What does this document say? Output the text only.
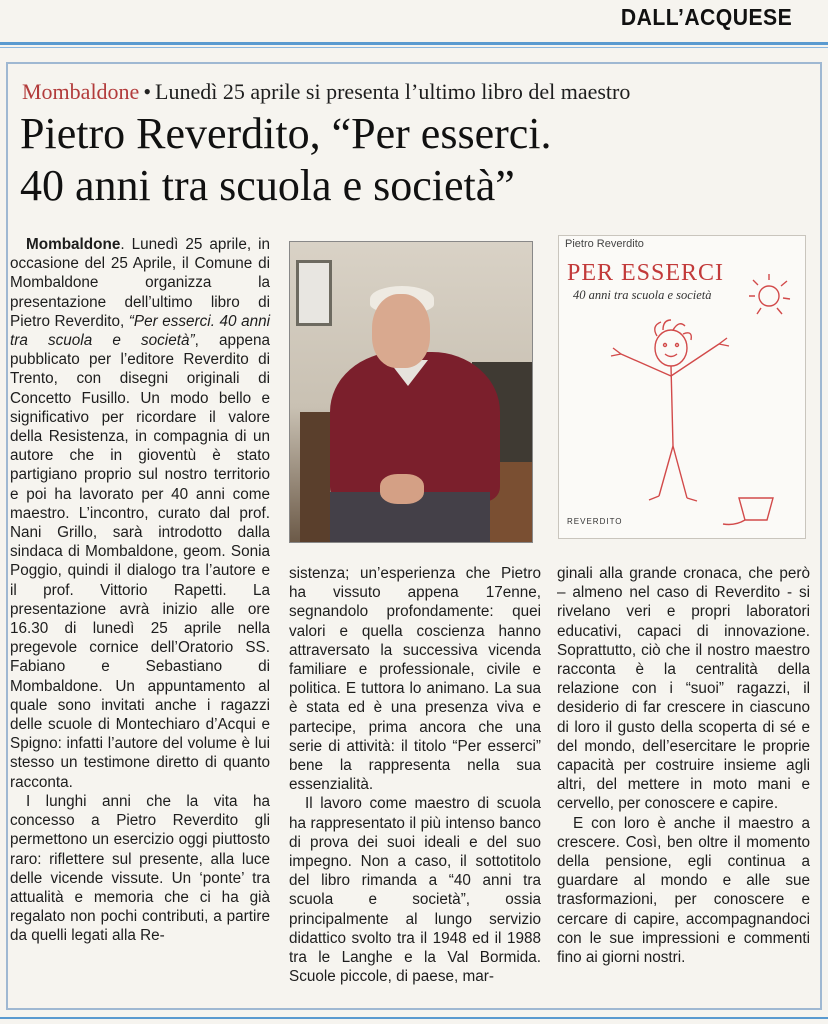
DALL’ACQUESE
Mombaldone • Lunedì 25 aprile si presenta l’ultimo libro del maestro
Pietro Reverdito, “Per esserci.
40 anni tra scuola e società”

Mombaldone. Lunedì 25 aprile, in occasione del 25 Aprile, il Comune di Mombaldone organizza la presentazione dell’ultimo libro di Pietro Reverdito, “Per esserci. 40 anni tra scuola e società”, appena pubblicato per l’editore Reverdito di Trento, con disegni originali di Concetto Fusillo. Un modo bello e significativo per ricordare il valore della Resistenza, in compagnia di un autore che in gioventù è stato partigiano proprio sul nostro territorio e poi ha lavorato per 40 anni come maestro. L’incontro, curato dal prof. Nani Grillo, sarà introdotto dalla sindaca di Mombaldone, geom. Sonia Poggio, quindi il dialogo tra l’autore e il prof. Vittorio Rapetti. La presentazione avrà inizio alle ore 16.30 di lunedì 25 aprile nella pregevole cornice dell’Oratorio SS. Fabiano e Sebastiano di Mombaldone. Un appuntamento al quale sono invitati anche i ragazzi delle scuole di Montechiaro d’Acqui e Spigno: infatti l’autore del volume è lui stesso un testimone diretto di quanto racconta.

I lunghi anni che la vita ha concesso a Pietro Reverdito gli permettono un esercizio oggi piuttosto raro: riflettere sul presente, alla luce delle vicende vissute. Un ‘ponte’ tra attualità e memoria che ci ha già regalato non pochi contributi, a partire da quelli legati alla Re-

Pietro Reverdito
PER ESSERCI
40 anni tra scuola e società
REVERDITO

sistenza; un’esperienza che Pietro ha vissuto appena 17enne, segnandolo profondamente: quei valori e quella coscienza hanno attraversato la successiva vicenda familiare e professionale, civile e politica. E tuttora lo animano. La sua è stata ed è una presenza viva e partecipe, prima ancora che una serie di attività: il titolo “Per esserci” bene la rappresenta nella sua essenzialità.

Il lavoro come maestro di scuola ha rappresentato il più intenso banco di prova dei suoi ideali e del suo impegno. Non a caso, il sottotitolo del libro rimanda a “40 anni tra scuola e società”, ossia principalmente al lungo servizio didattico svolto tra il 1948 ed il 1988 tra le Langhe e la Val Bormida. Scuole piccole, di paese, mar-

ginali alla grande cronaca, che però – almeno nel caso di Reverdito - si rivelano veri e propri laboratori educativi, capaci di innovazione. Soprattutto, ciò che il nostro maestro racconta è la centralità della relazione con i “suoi” ragazzi, il desiderio di far crescere in ciascuno di loro il gusto della scoperta di sé e del mondo, dell’esercitare le proprie capacità per costruire insieme agli altri, del mettere in moto mani e cervello, per conoscere e capire.

E con loro è anche il maestro a crescere. Così, ben oltre il momento della pensione, egli continua a guardare al mondo e alle sue trasformazioni, per conoscere e cercare di capire, accompagnandoci con le sue impressioni e commenti fino ai giorni nostri.
